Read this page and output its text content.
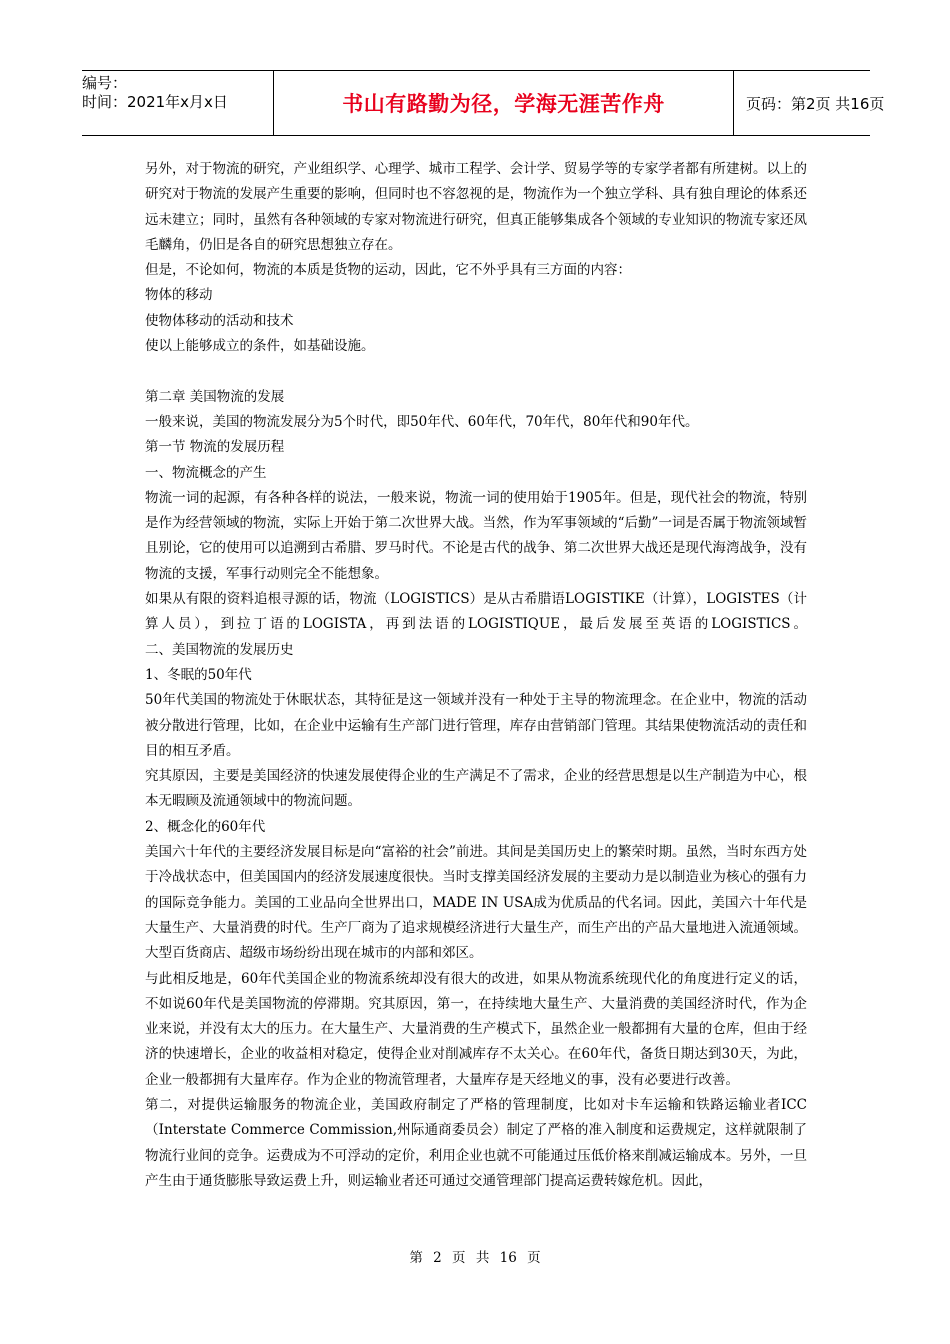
编号：
时间：2021年x月x日	书山有路勤为径，学海无涯苦作舟	页码：第2页 共16页

另外，对于物流的研究，产业组织学、心理学、城市工程学、会计学、贸易学等的专家学者都有所建树。以上的研究对于物流的发展产生重要的影响，但同时也不容忽视的是，物流作为一个独立学科、具有独自理论的体系还远未建立；同时，虽然有各种领域的专家对物流进行研究，但真正能够集成各个领域的专业知识的物流专家还凤毛麟角，仍旧是各自的研究思想独立存在。

但是，不论如何，物流的本质是货物的运动，因此，它不外乎具有三方面的内容：

物体的移动

使物体移动的活动和技术

使以上能够成立的条件，如基础设施。

第二章 美国物流的发展

一般来说，美国的物流发展分为5个时代，即50年代、60年代，70年代，80年代和90年代。

第一节 物流的发展历程

一、物流概念的产生

物流一词的起源，有各种各样的说法，一般来说，物流一词的使用始于1905年。但是，现代社会的物流，特别是作为经营领域的物流，实际上开始于第二次世界大战。当然，作为军事领域的“后勤”一词是否属于物流领域暂且别论，它的使用可以追溯到古希腊、罗马时代。不论是古代的战争、第二次世界大战还是现代海湾战争，没有物流的支援，军事行动则完全不能想象。

如果从有限的资料追根寻源的话，物流（LOGISTICS）是从古希腊语LOGISTIKE（计算），LOGISTES（计算人员），到拉丁语的LOGISTA，再到法语的LOGISTIQUE，最后发展至英语的LOGISTICS。

二、美国物流的发展历史

1、冬眠的50年代

50年代美国的物流处于休眠状态，其特征是这一领域并没有一种处于主导的物流理念。在企业中，物流的活动被分散进行管理，比如，在企业中运输有生产部门进行管理，库存由营销部门管理。其结果使物流活动的责任和目的相互矛盾。

究其原因，主要是美国经济的快速发展使得企业的生产满足不了需求，企业的经营思想是以生产制造为中心，根本无暇顾及流通领域中的物流问题。

2、概念化的60年代

美国六十年代的主要经济发展目标是向“富裕的社会”前进。其间是美国历史上的繁荣时期。虽然，当时东西方处于冷战状态中，但美国国内的经济发展速度很快。当时支撑美国经济发展的主要动力是以制造业为核心的强有力的国际竞争能力。美国的工业品向全世界出口，MADE IN USA成为优质品的代名词。因此，美国六十年代是大量生产、大量消费的时代。生产厂商为了追求规模经济进行大量生产，而生产出的产品大量地进入流通领域。大型百货商店、超级市场纷纷出现在城市的内部和郊区。

与此相反地是，60年代美国企业的物流系统却没有很大的改进，如果从物流系统现代化的角度进行定义的话，不如说60年代是美国物流的停滞期。究其原因，第一，在持续地大量生产、大量消费的美国经济时代，作为企业来说，并没有太大的压力。在大量生产、大量消费的生产模式下，虽然企业一般都拥有大量的仓库，但由于经济的快速增长，企业的收益相对稳定，使得企业对削减库存不太关心。在60年代，备货日期达到30天，为此，企业一般都拥有大量库存。作为企业的物流管理者，大量库存是天经地义的事，没有必要进行改善。

第二，对提供运输服务的物流企业，美国政府制定了严格的管理制度，比如对卡车运输和铁路运输业者ICC（Interstate Commerce Commission,州际通商委员会）制定了严格的准入制度和运费规定，这样就限制了物流行业间的竞争。运费成为不可浮动的定价，利用企业也就不可能通过压低价格来削减运输成本。另外，一旦产生由于通货膨胀导致运费上升，则运输业者还可通过交通管理部门提高运费转嫁危机。因此，

第 2 页 共 16 页
